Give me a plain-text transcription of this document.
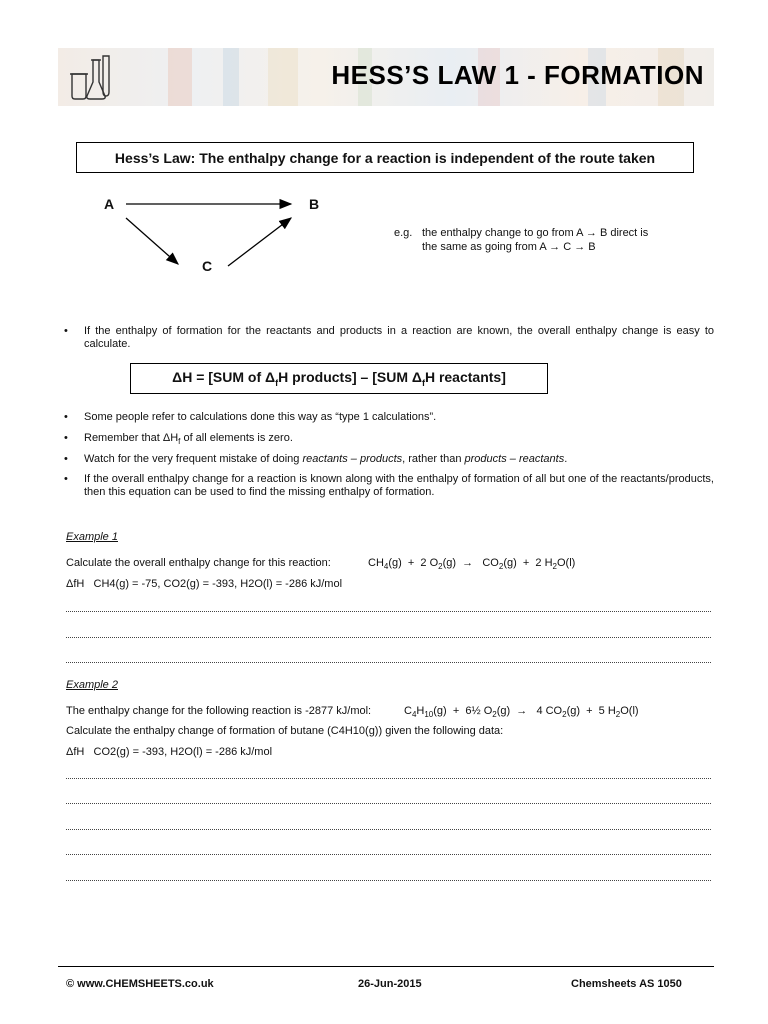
HESS’S LAW 1 - FORMATION
Hess’s Law: The enthalpy change for a reaction is independent of the route taken
A	B
C
e.g. the enthalpy change to go from A → B direct is
the same as going from A → C → B
•	If the enthalpy of formation for the reactants and products in a reaction are known, the overall enthalpy change is easy to calculate.
ΔH = [SUM of $\Delta_fH$ products] – [SUM $\Delta_fH$ reactants]
•	Some people refer to calculations done this way as “type 1 calculations”.
•	Remember that $\Delta H_f$ of all elements is zero.
•	Watch for the very frequent mistake of doing reactants – products, rather than products – reactants.
•	If the overall enthalpy change for a reaction is known along with the enthalpy of formation of all but one of the reactants/products, then this equation can be used to find the missing enthalpy of formation.
Example 1
Calculate the overall enthalpy change for this reaction:	$CH_4(g) + 2$ $O_2(g) \to CO_2(g) + 2$ $H_2O(l)$
ΔfH CH4(g) = -75, CO2(g) = -393, H2O(l) = -286 kJ/mol
Example 2
The enthalpy change for the following reaction is -2877 kJ/mol:	$C_4H_{10}(g)$  +  6½ $O_2(g) \to 4$ $CO_2(g) + 5$ $H_2O(l)$
Calculate the enthalpy change of formation of butane (C4H10(g)) given the following data:
ΔfH CO2(g) = -393, H2O(l) = -286 kJ/mol
© www.CHEMSHEETS.co.uk	26-Jun-2015	Chemsheets AS 1050
